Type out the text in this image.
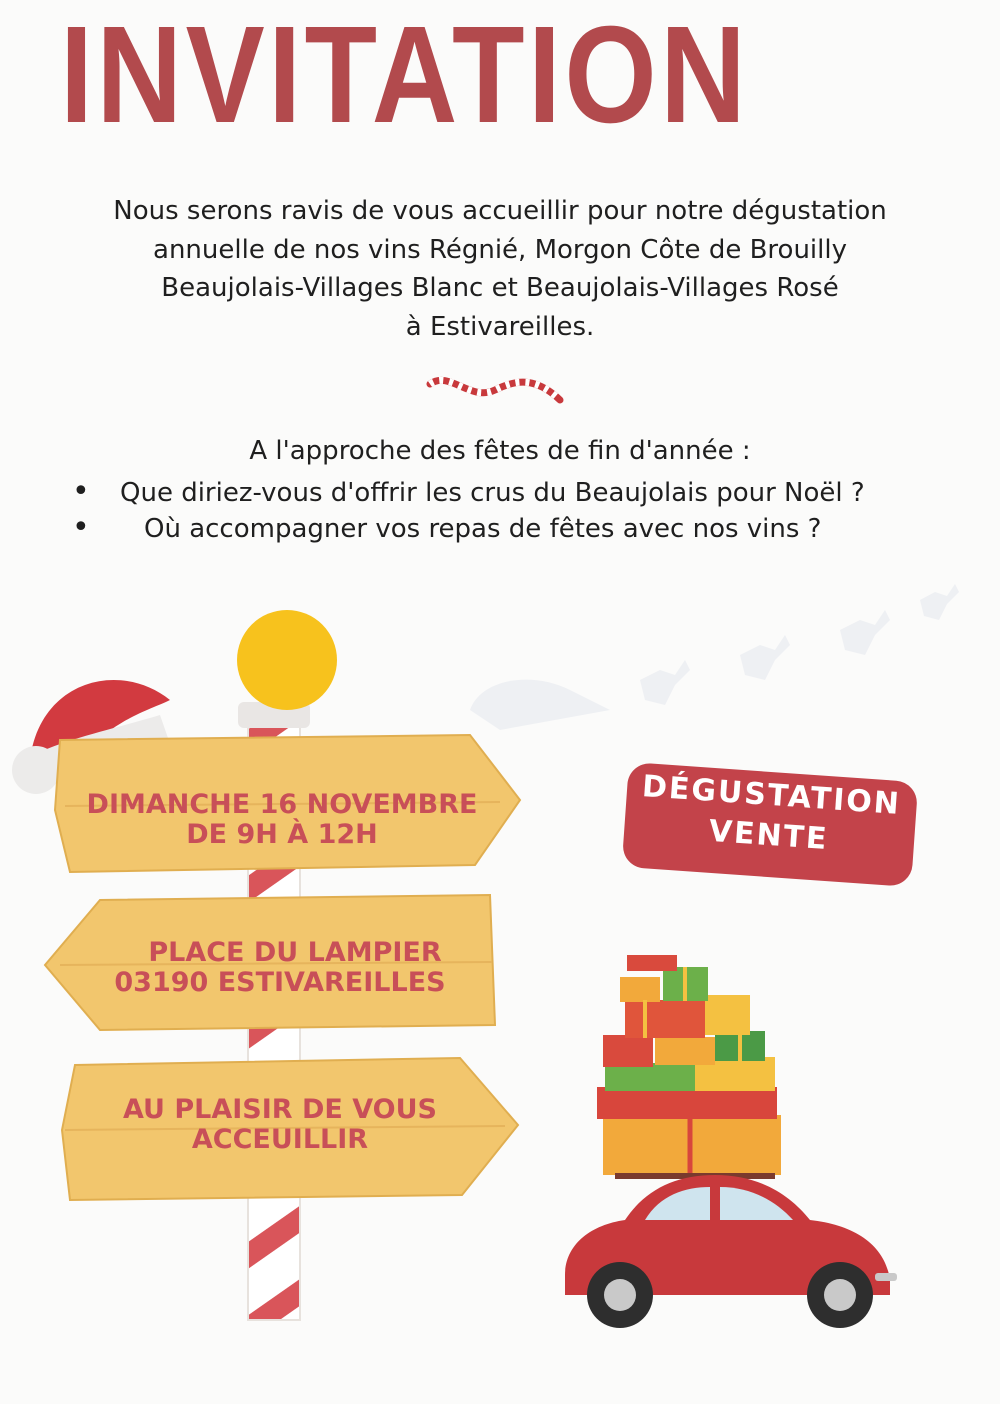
INVITATION
Nous serons ravis de vous accueillir pour notre dégustation
annuelle de nos vins Régnié, Morgon Côte de Brouilly
Beaujolais-Villages Blanc et Beaujolais-Villages Rosé
à Estivareilles.
A l'approche des fêtes de fin d'année :
• Que diriez-vous d'offrir les crus du Beaujolais pour Noël ?
• Où accompagner vos repas de fêtes avec nos vins ?
DIMANCHE 16 NOVEMBRE
DE 9H À 12H
PLACE DU LAMPIER
03190 ESTIVAREILLES
AU PLAISIR DE VOUS
ACCEUILLIR
DÉGUSTATION
VENTE
